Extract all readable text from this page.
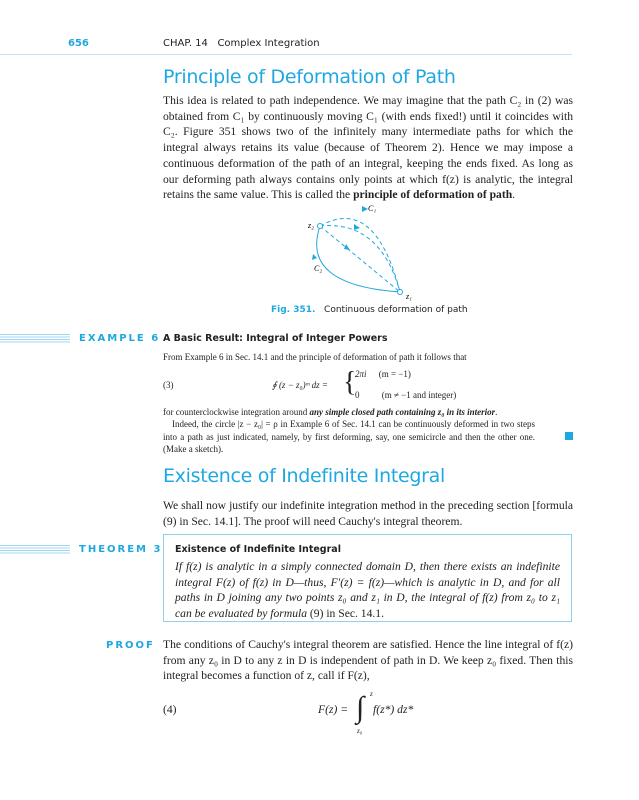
656	CHAP. 14 Complex Integration
Principle of Deformation of Path
This idea is related to path independence. We may imagine that the path C₂ in (2) was obtained from C₁ by continuously moving C₁ (with ends fixed!) until it coincides with C₂. Figure 351 shows two of the infinitely many intermediate paths for which the integral always retains its value (because of Theorem 2). Hence we may impose a continuous deformation of the path of an integral, keeping the ends fixed. As long as our deforming path always contains only points at which f(z) is analytic, the integral retains the same value. This is called the principle of deformation of path.
C₁
z₂
C₂
z₁
Fig. 351. Continuous deformation of path
EXAMPLE 6 A Basic Result: Integral of Integer Powers
From Example 6 in Sec. 14.1 and the principle of deformation of path it follows that
(3)	∮ (z − z₀)ᵐ dz = {
2πi (m = −1)
0 (m ≠ −1 and integer)
for counterclockwise integration around any simple closed path containing z₀ in its interior.
Indeed, the circle |z − z₀| = ρ in Example 6 of Sec. 14.1 can be continuously deformed in two steps into a path as just indicated, namely, by first deforming, say, one semicircle and then the other one. (Make a sketch).
Existence of Indefinite Integral
We shall now justify our indefinite integration method in the preceding section [formula (9) in Sec. 14.1]. The proof will need Cauchy's integral theorem.
THEOREM 3 Existence of Indefinite Integral
If f(z) is analytic in a simply connected domain D, then there exists an indefinite integral F(z) of f(z) in D—thus, F′(z) = f(z)—which is analytic in D, and for all paths in D joining any two points z₀ and z₁ in D, the integral of f(z) from z₀ to z₁ can be evaluated by formula (9) in Sec. 14.1.
PROOF The conditions of Cauchy's integral theorem are satisfied. Hence the line integral of f(z) from any z₀ in D to any z in D is independent of path in D. We keep z₀ fixed. Then this integral becomes a function of z, call if F(z),
(4)	F(z) = ∫ z
z₀
f(z*) dz*
